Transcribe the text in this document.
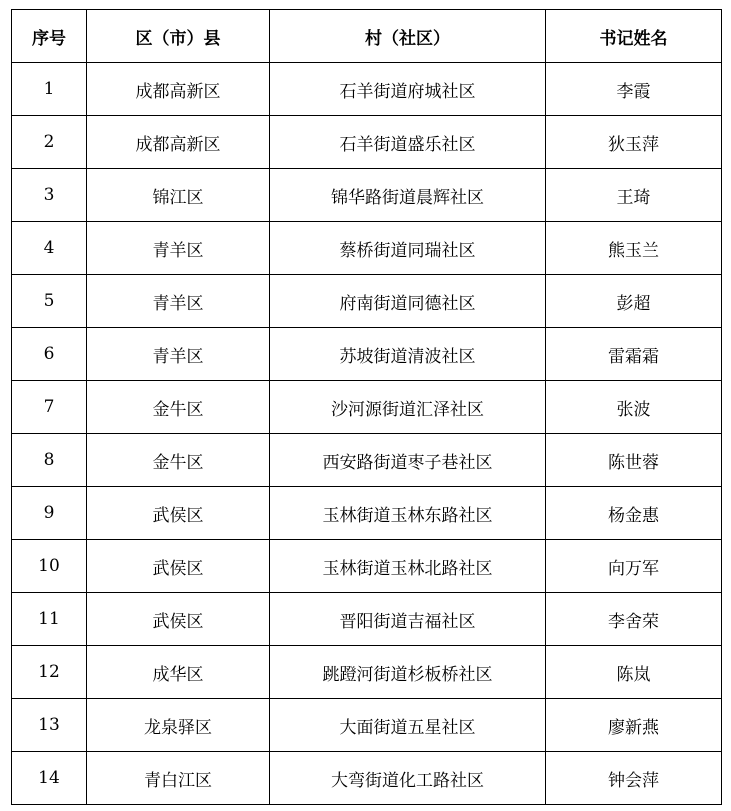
序号	区（市）县	村（社区）	书记姓名
1	成都高新区	石羊街道府城社区	李霞
2	成都高新区	石羊街道盛乐社区	狄玉萍
3	锦江区	锦华路街道晨辉社区	王琦
4	青羊区	蔡桥街道同瑞社区	熊玉兰
5	青羊区	府南街道同德社区	彭超
6	青羊区	苏坡街道清波社区	雷霜霜
7	金牛区	沙河源街道汇泽社区	张波
8	金牛区	西安路街道枣子巷社区	陈世蓉
9	武侯区	玉林街道玉林东路社区	杨金惠
10	武侯区	玉林街道玉林北路社区	向万军
11	武侯区	晋阳街道吉福社区	李舍荣
12	成华区	跳蹬河街道杉板桥社区	陈岚
13	龙泉驿区	大面街道五星社区	廖新燕
14	青白江区	大弯街道化工路社区	钟会萍
